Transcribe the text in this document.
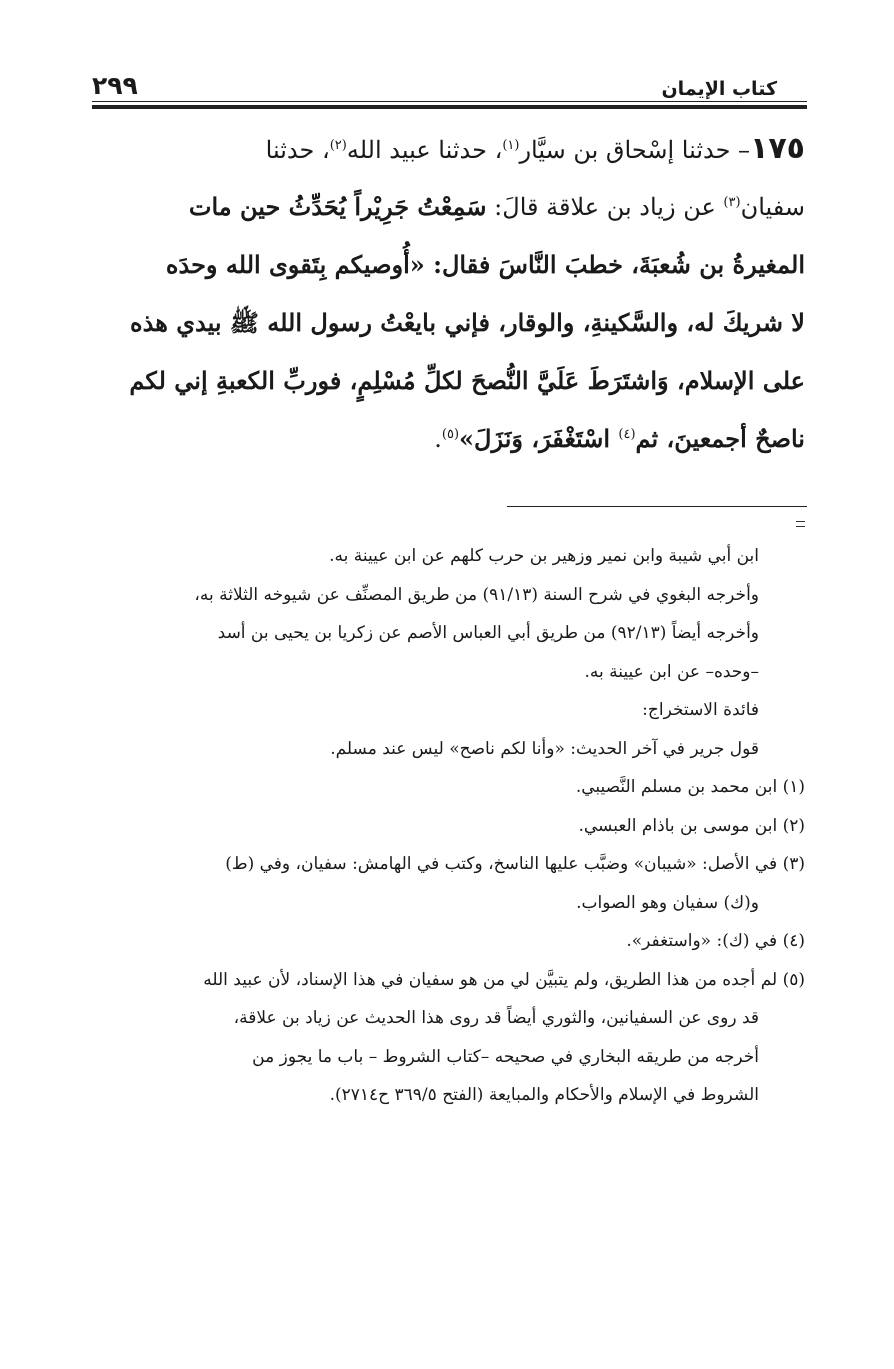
٢٩٩	كتاب الإيمان
١٧٥– حدثنا إسْحاق بن سيَّار$^{(١)}$، حدثنا عبيد الله$^{(٢)}$، حدثنا
سفيان$^{(٣)}$ عن زياد بن علاقة قالَ: سَمِعْتُ جَرِيْراً يُحَدِّثُ حين مات
المغيرةُ بن شُعبَةَ، خطبَ النَّاسَ فقال: «أُوصيكم بِتَقوى الله وحدَه
لا شريكَ له، والسَّكينةِ، والوقار، فإني بايعْتُ رسول الله ﷺ بيدي هذه
على الإسلام، وَاشتَرَطَ عَلَيَّ النُّصحَ لكلِّ مُسْلِمٍ، فوربِّ الكعبةِ إني لكم
ناصحٌ أجمعينَ، ثم$^{(٤)}$ اسْتَغْفَرَ، وَنَزَلَ»$^{(٥)}$.
ابن أبي شيبة وابن نمير وزهير بن حرب كلهم عن ابن عيينة به.
وأخرجه البغوي في شرح السنة (٩١/١٣) من طريق المصنِّف عن شيوخه الثلاثة به،
وأخرجه أيضاً (٩٢/١٣) من طريق أبي العباس الأصم عن زكريا بن يحيى بن أسد
–وحده– عن ابن عيينة به.
فائدة الاستخراج:
قول جرير في آخر الحديث: «وأنا لكم ناصح» ليس عند مسلم.
(١) ابن محمد بن مسلم النَّصيبي.
(٢) ابن موسى بن باذام العبسي.
(٣) في الأصل: «شيبان» وضبَّب عليها الناسخ، وكتب في الهامش: سفيان، وفي (ط)
و(ك) سفيان وهو الصواب.
(٤) في (ك): «واستغفر».
(٥) لم أجده من هذا الطريق، ولم يتبيَّن لي من هو سفيان في هذا الإسناد، لأن عبيد الله
قد روى عن السفيانين، والثوري أيضاً قد روى هذا الحديث عن زياد بن علاقة،
أخرجه من طريقه البخاري في صحيحه –كتاب الشروط – باب ما يجوز من
الشروط في الإسلام والأحكام والمبايعة (الفتح ٣٦٩/٥ ح٢٧١٤).
